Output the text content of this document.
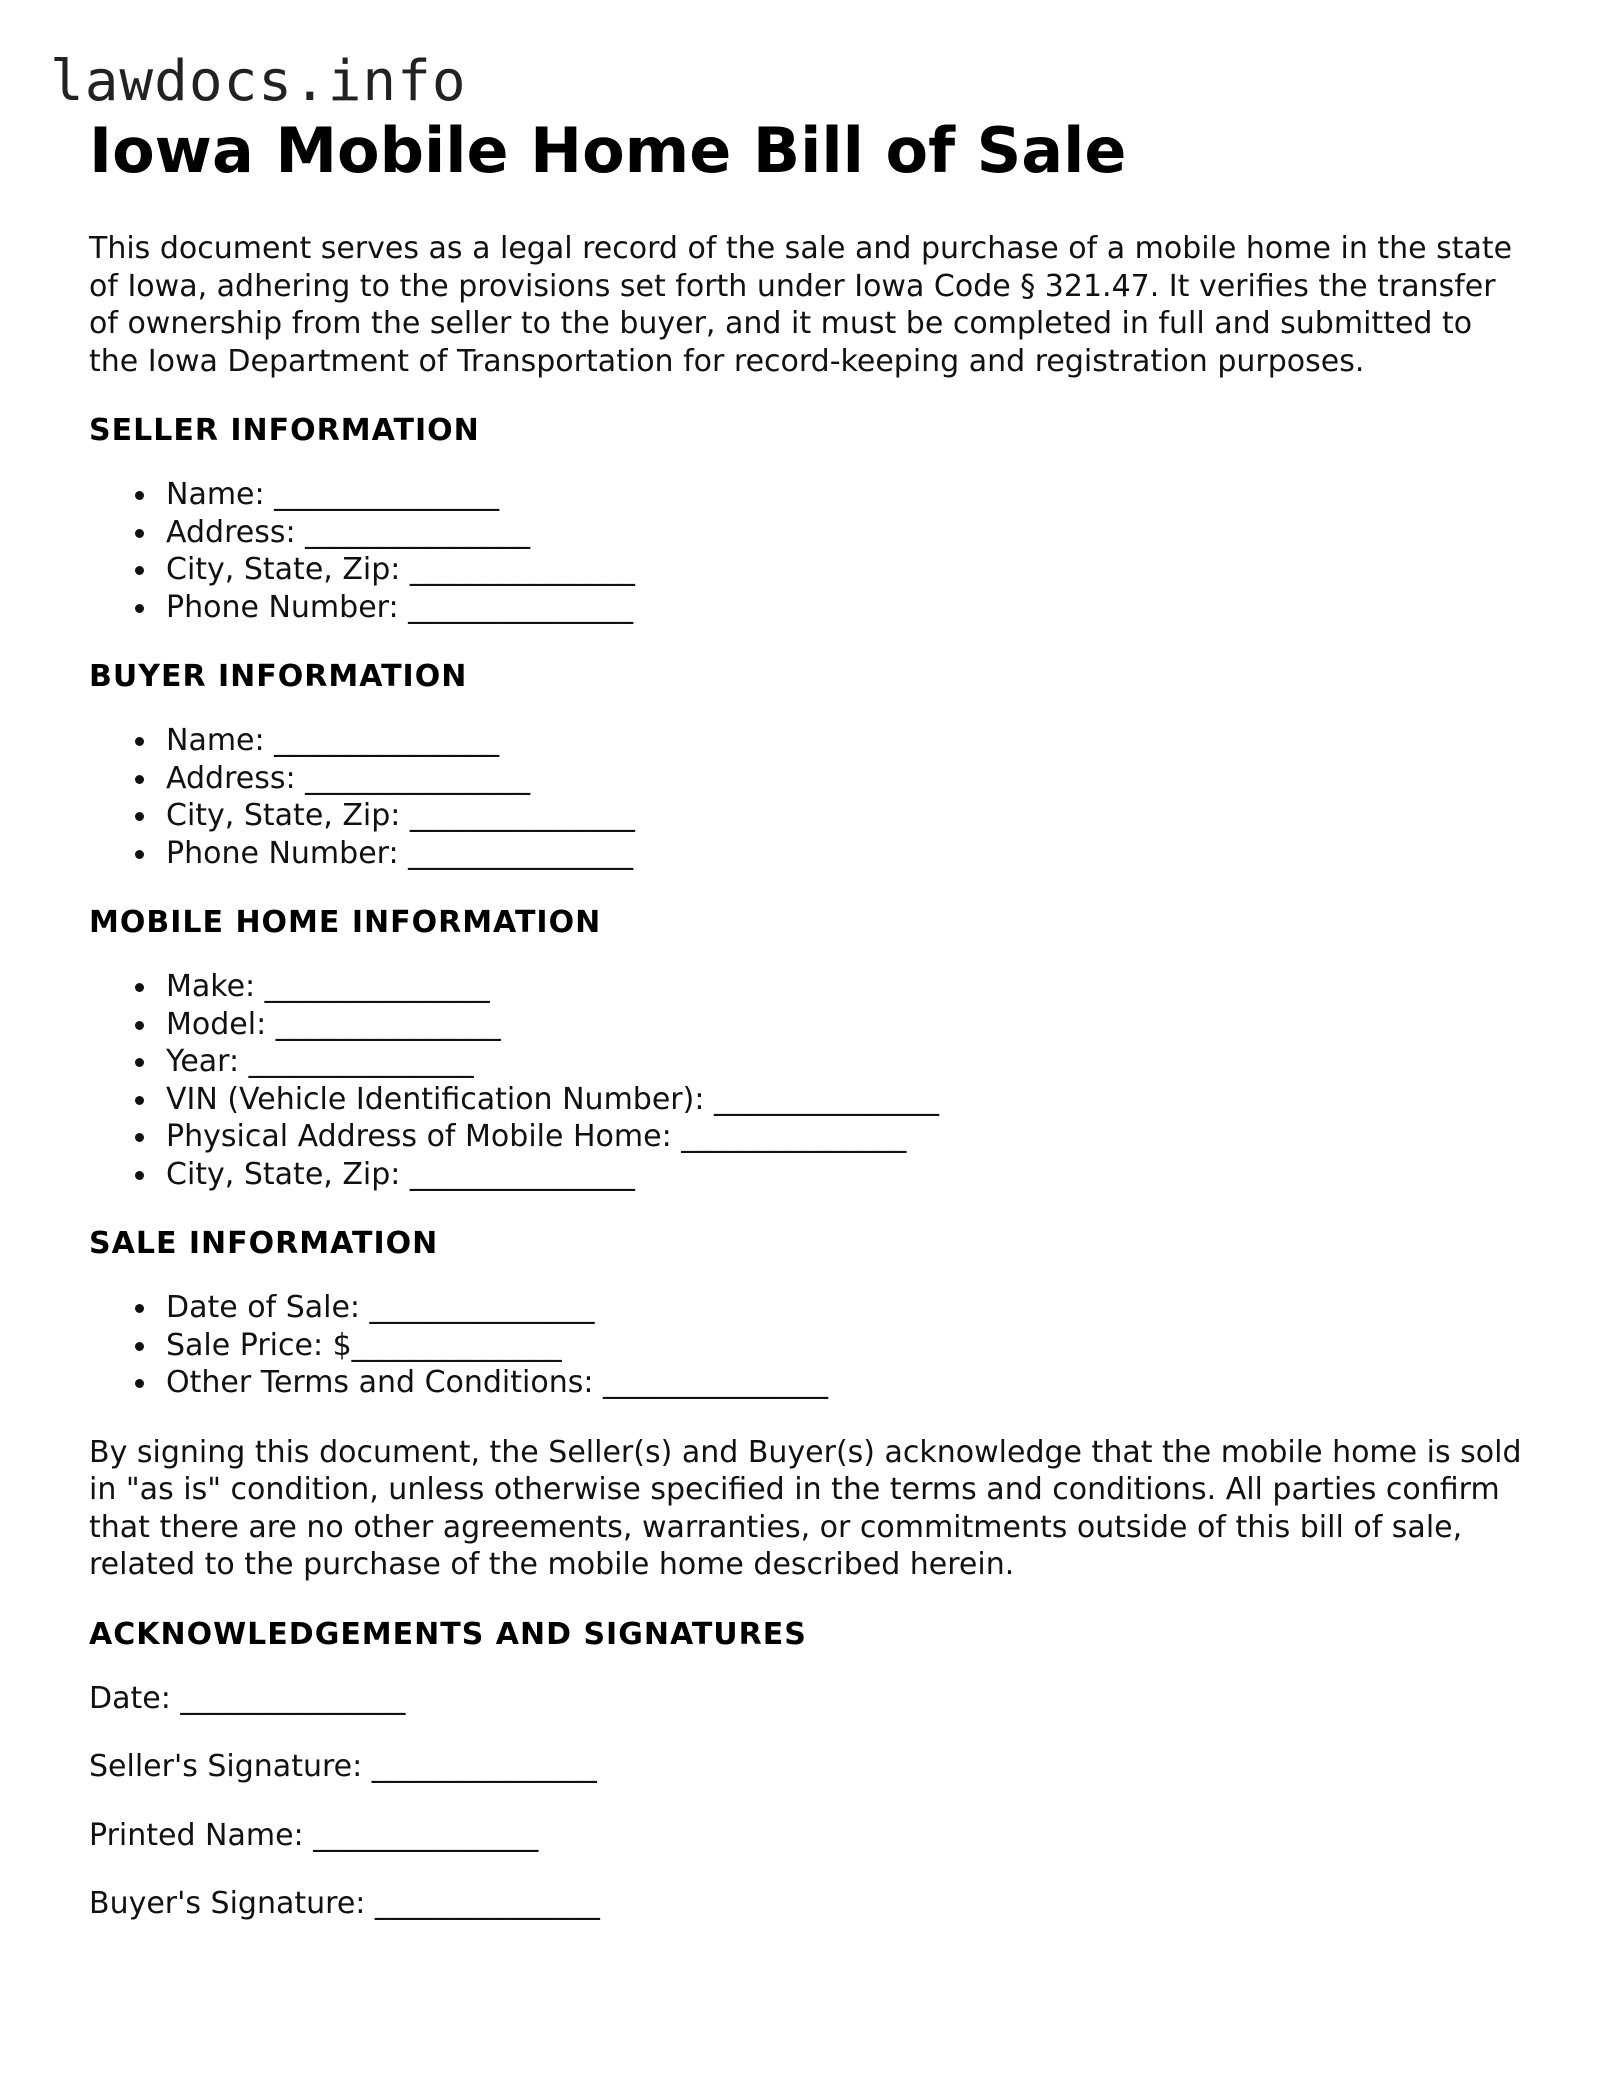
lawdocs.info
Iowa Mobile Home Bill of Sale

This document serves as a legal record of the sale and purchase of a mobile home in the state of Iowa, adhering to the provisions set forth under Iowa Code § 321.47. It verifies the transfer of ownership from the seller to the buyer, and it must be completed in full and submitted to the Iowa Department of Transportation for record-keeping and registration purposes.

SELLER INFORMATION
Name: _______________
Address: _______________
City, State, Zip: _______________
Phone Number: _______________
BUYER INFORMATION
Name: _______________
Address: _______________
City, State, Zip: _______________
Phone Number: _______________
MOBILE HOME INFORMATION
Make: _______________
Model: _______________
Year: _______________
VIN (Vehicle Identification Number): _______________
Physical Address of Mobile Home: _______________
City, State, Zip: _______________
SALE INFORMATION
Date of Sale: _______________
Sale Price: $______________
Other Terms and Conditions: _______________

By signing this document, the Seller(s) and Buyer(s) acknowledge that the mobile home is sold in "as is" condition, unless otherwise specified in the terms and conditions. All parties confirm that there are no other agreements, warranties, or commitments outside of this bill of sale, related to the purchase of the mobile home described herein.

ACKNOWLEDGEMENTS AND SIGNATURES

Date: _______________

Seller's Signature: _______________

Printed Name: _______________

Buyer's Signature: _______________
